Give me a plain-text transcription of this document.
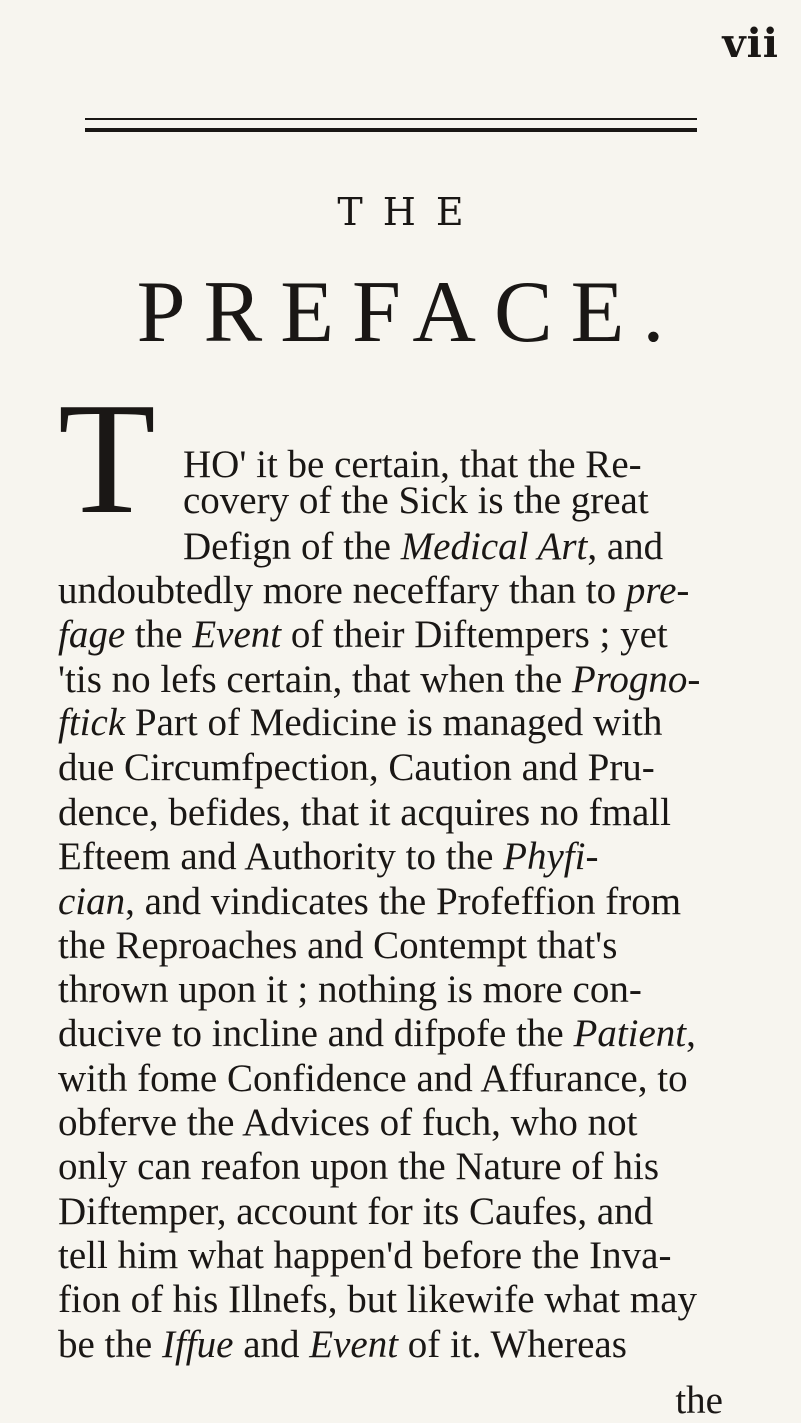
vii
THE
PREFACE.
T HO' it be certain, that the Re-
covery of the Sick is the great
Defign of the Medical Art, and
undoubtedly more neceffary than to pre-
fage the Event of their Diftempers ; yet
'tis no lefs certain, that when the Progno-
ftick Part of Medicine is managed with
due Circumfpection, Caution and Pru-
dence, befides, that it acquires no fmall
Efteem and Authority to the Phyfi-
cian, and vindicates the Profeffion from
the Reproaches and Contempt that's
thrown upon it ; nothing is more con-
ducive to incline and difpofe the Patient,
with fome Confidence and Affurance, to
obferve the Advices of fuch, who not
only can reafon upon the Nature of his
Diftemper, account for its Caufes, and
tell him what happen'd before the Inva-
fion of his Illnefs, but likewife what may
be the Iffue and Event of it. Whereas
the
